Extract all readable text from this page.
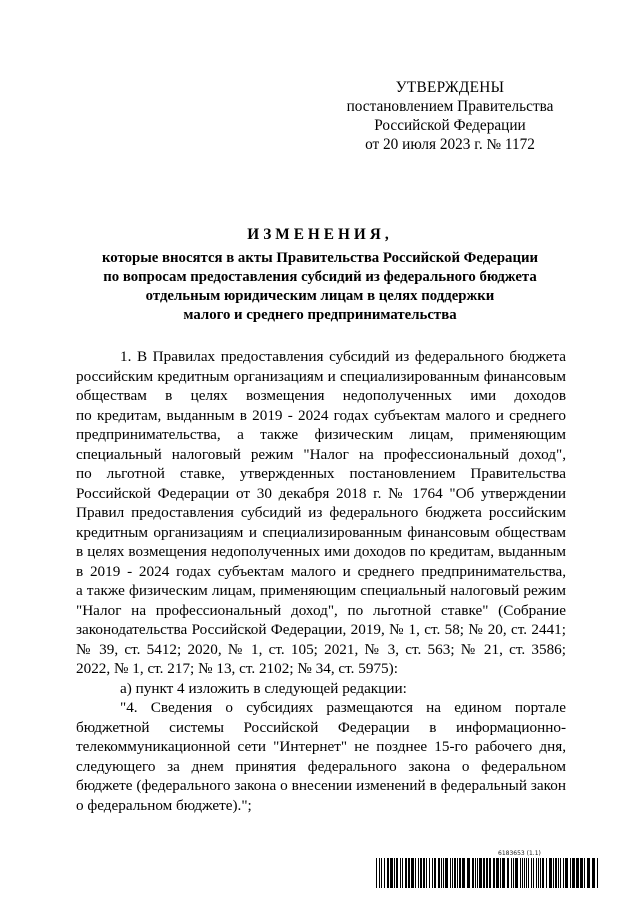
УТВЕРЖДЕНЫ
постановлением Правительства
Российской Федерации
от 20 июля 2023 г. № 1172
ИЗМЕНЕНИЯ,
которые вносятся в акты Правительства Российской Федерации
по вопросам предоставления субсидий из федерального бюджета
отдельным юридическим лицам в целях поддержки
малого и среднего предпринимательства
1. В Правилах предоставления субсидий из федерального бюджета
российским кредитным организациям и специализированным финансовым
обществам в целях возмещения недополученных ими доходов
по кредитам, выданным в 2019 - 2024 годах субъектам малого и среднего
предпринимательства, а также физическим лицам, применяющим
специальный налоговый режим "Налог на профессиональный доход",
по льготной ставке, утвержденных постановлением Правительства
Российской Федерации от 30 декабря 2018 г. № 1764 "Об утверждении
Правил предоставления субсидий из федерального бюджета российским
кредитным организациям и специализированным финансовым обществам
в целях возмещения недополученных ими доходов по кредитам, выданным
в 2019 - 2024 годах субъектам малого и среднего предпринимательства,
а также физическим лицам, применяющим специальный налоговый режим
"Налог на профессиональный доход", по льготной ставке" (Собрание
законодательства Российской Федерации, 2019, № 1, ст. 58; № 20, ст. 2441;
№ 39, ст. 5412; 2020, № 1, ст. 105; 2021, № 3, ст. 563; № 21, ст. 3586;
2022, № 1, ст. 217; № 13, ст. 2102; № 34, ст. 5975):
а) пункт 4 изложить в следующей редакции:
"4. Сведения о субсидиях размещаются на едином портале
бюджетной системы Российской Федерации в информационно-
телекоммуникационной сети "Интернет" не позднее 15-го рабочего дня,
следующего за днем принятия федерального закона о федеральном
бюджете (федерального закона о внесении изменений в федеральный закон
о федеральном бюджете).";
6183653 (1.1)
